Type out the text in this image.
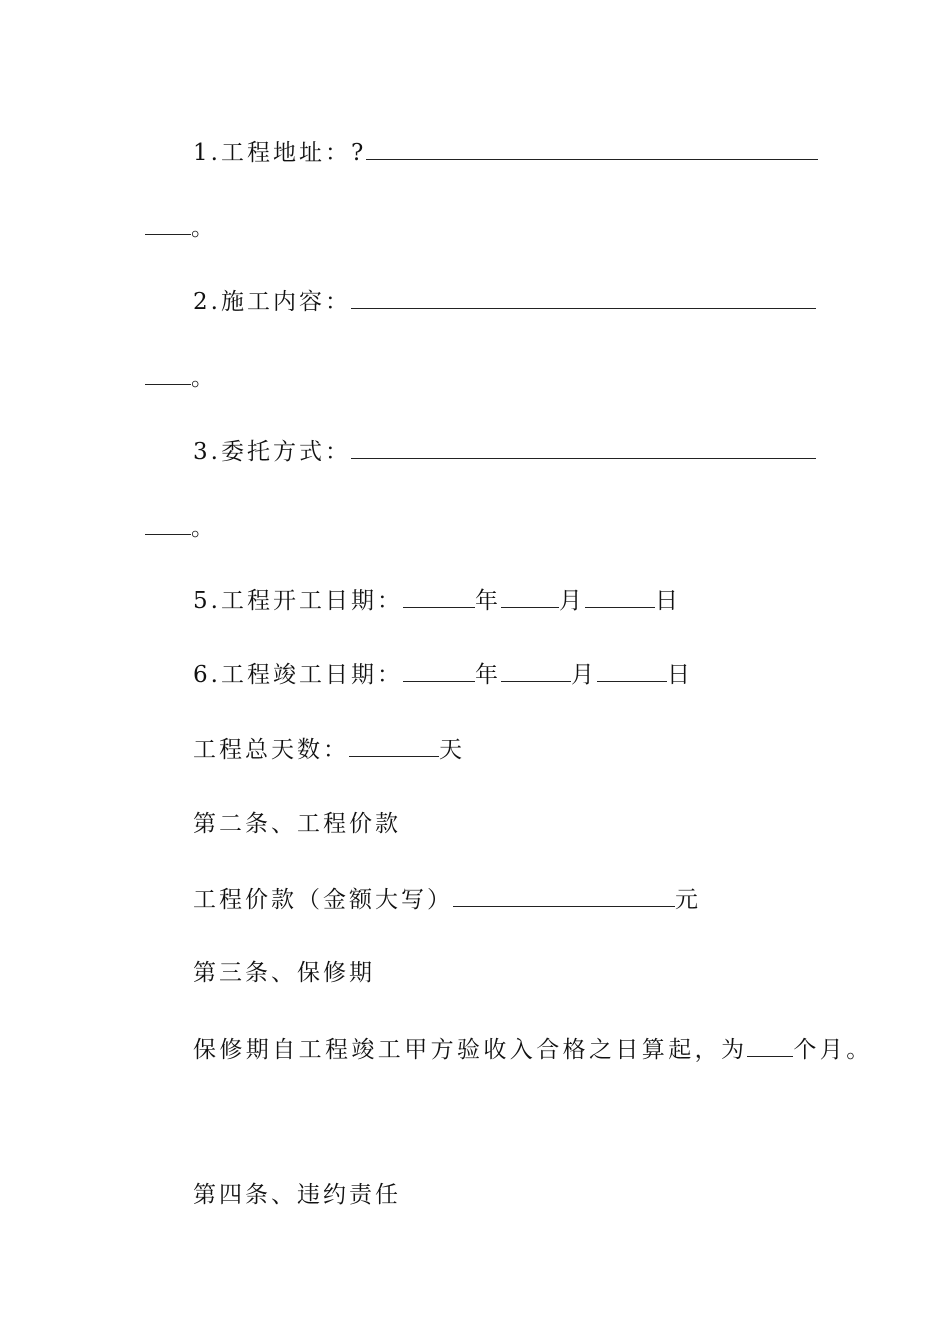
1.工程地址：?
。
2.施工内容：
。
3.委托方式：
。
5.工程开工日期：	年	月	日
6.工程竣工日期：	年	月	日
工程总天数：	天
第二条、工程价款
工程价款（金额大写）	元
第三条、保修期
保修期自工程竣工甲方验收入合格之日算起，为 个月。
第四条、违约责任
